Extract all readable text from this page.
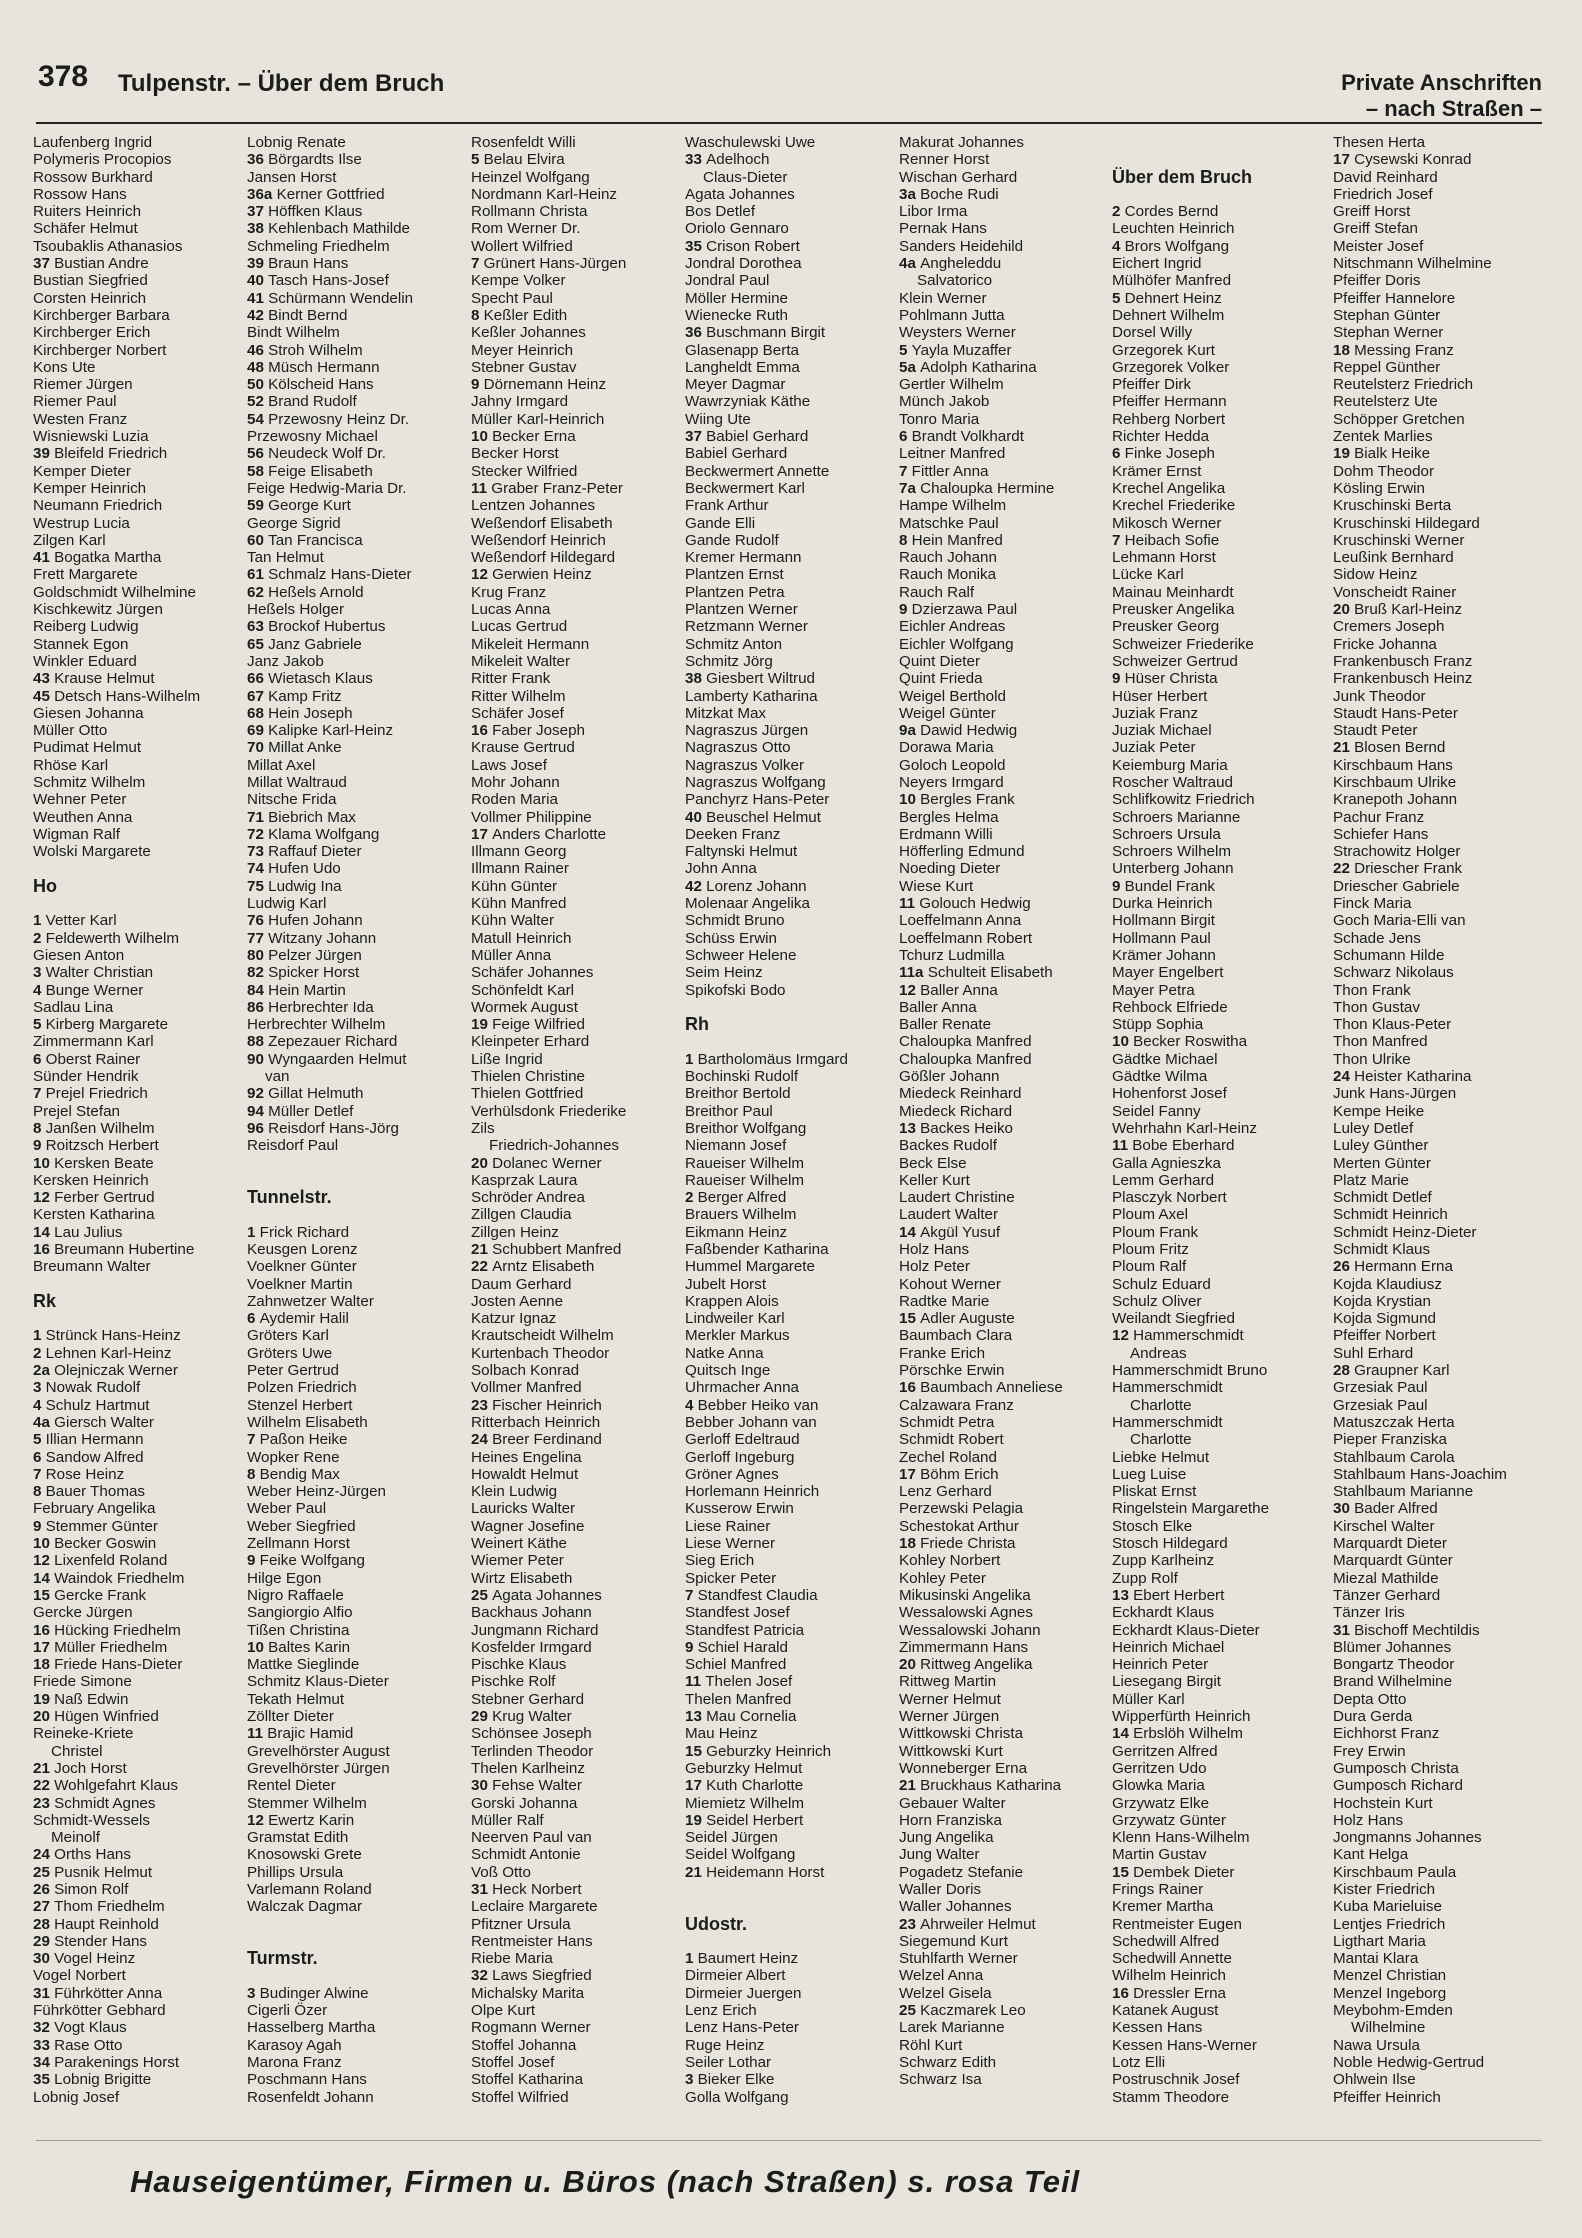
378 Tulpenstr. – Über dem Bruch	Private Anschriften
– nach Straßen –
Laufenberg Ingrid
Polymeris Procopios
Rossow Burkhard
Rossow Hans
Ruiters Heinrich
Schäfer Helmut
Tsoubaklis Athanasios
37 Bustian Andre
Bustian Siegfried
Corsten Heinrich
Kirchberger Barbara
Kirchberger Erich
Kirchberger Norbert
Kons Ute
Riemer Jürgen
Riemer Paul
Westen Franz
Wisniewski Luzia
39 Bleifeld Friedrich
Kemper Dieter
Kemper Heinrich
Neumann Friedrich
Westrup Lucia
Zilgen Karl
41 Bogatka Martha
Frett Margarete
Goldschmidt Wilhelmine
Kischkewitz Jürgen
Reiberg Ludwig
Stannek Egon
Winkler Eduard
43 Krause Helmut
45 Detsch Hans-Wilhelm
Giesen Johanna
Müller Otto
Pudimat Helmut
Rhöse Karl
Schmitz Wilhelm
Wehner Peter
Weuthen Anna
Wigman Ralf
Wolski Margarete
Ho
1 Vetter Karl
2 Feldewerth Wilhelm
Giesen Anton
3 Walter Christian
4 Bunge Werner
Sadlau Lina
5 Kirberg Margarete
Zimmermann Karl
6 Oberst Rainer
Sünder Hendrik
7 Prejel Friedrich
Prejel Stefan
8 Janßen Wilhelm
9 Roitzsch Herbert
10 Kersken Beate
Kersken Heinrich
12 Ferber Gertrud
Kersten Katharina
14 Lau Julius
16 Breumann Hubertine
Breumann Walter
Rk
1 Strünck Hans-Heinz
2 Lehnen Karl-Heinz
2a Olejniczak Werner
3 Nowak Rudolf
4 Schulz Hartmut
4a Giersch Walter
5 Illian Hermann
6 Sandow Alfred
7 Rose Heinz
8 Bauer Thomas
February Angelika
9 Stemmer Günter
10 Becker Goswin
12 Lixenfeld Roland
14 Waindok Friedhelm
15 Gercke Frank
Gercke Jürgen
16 Hücking Friedhelm
17 Müller Friedhelm
18 Friede Hans-Dieter
Friede Simone
19 Naß Edwin
20 Hügen Winfried
Reineke-Kriete
Christel
21 Joch Horst
22 Wohlgefahrt Klaus
23 Schmidt Agnes
Schmidt-Wessels
Meinolf
24 Orths Hans
25 Pusnik Helmut
26 Simon Rolf
27 Thom Friedhelm
28 Haupt Reinhold
29 Stender Hans
30 Vogel Heinz
Vogel Norbert
31 Führkötter Anna
Führkötter Gebhard
32 Vogt Klaus
33 Rase Otto
34 Parakenings Horst
35 Lobnig Brigitte
Lobnig Josef
Lobnig Renate
36 Börgardts Ilse
Jansen Horst
36a Kerner Gottfried
37 Höffken Klaus
38 Kehlenbach Mathilde
Schmeling Friedhelm
39 Braun Hans
40 Tasch Hans-Josef
41 Schürmann Wendelin
42 Bindt Bernd
Bindt Wilhelm
46 Stroh Wilhelm
48 Müsch Hermann
50 Kölscheid Hans
52 Brand Rudolf
54 Przewosny Heinz Dr.
Przewosny Michael
56 Neudeck Wolf Dr.
58 Feige Elisabeth
Feige Hedwig-Maria Dr.
59 George Kurt
George Sigrid
60 Tan Francisca
Tan Helmut
61 Schmalz Hans-Dieter
62 Heßels Arnold
Heßels Holger
63 Brockof Hubertus
65 Janz Gabriele
Janz Jakob
66 Wietasch Klaus
67 Kamp Fritz
68 Hein Joseph
69 Kalipke Karl-Heinz
70 Millat Anke
Millat Axel
Millat Waltraud
Nitsche Frida
71 Biebrich Max
72 Klama Wolfgang
73 Raffauf Dieter
74 Hufen Udo
75 Ludwig Ina
Ludwig Karl
76 Hufen Johann
77 Witzany Johann
80 Pelzer Jürgen
82 Spicker Horst
84 Hein Martin
86 Herbrechter Ida
Herbrechter Wilhelm
88 Zepezauer Richard
90 Wyngaarden Helmut
van
92 Gillat Helmuth
94 Müller Detlef
96 Reisdorf Hans-Jörg
Reisdorf Paul
Tunnelstr.
1 Frick Richard
Keusgen Lorenz
Voelkner Günter
Voelkner Martin
Zahnwetzer Walter
6 Aydemir Halil
Gröters Karl
Gröters Uwe
Peter Gertrud
Polzen Friedrich
Stenzel Herbert
Wilhelm Elisabeth
7 Paßon Heike
Wopker Rene
8 Bendig Max
Weber Heinz-Jürgen
Weber Paul
Weber Siegfried
Zellmann Horst
9 Feike Wolfgang
Hilge Egon
Nigro Raffaele
Sangiorgio Alfio
Tißen Christina
10 Baltes Karin
Mattke Sieglinde
Schmitz Klaus-Dieter
Tekath Helmut
Zöllter Dieter
11 Brajic Hamid
Grevelhörster August
Grevelhörster Jürgen
Rentel Dieter
Stemmer Wilhelm
12 Ewertz Karin
Gramstat Edith
Knosowski Grete
Phillips Ursula
Varlemann Roland
Walczak Dagmar
Turmstr.
3 Budinger Alwine
Cigerli Özer
Hasselberg Martha
Karasoy Agah
Marona Franz
Poschmann Hans
Rosenfeldt Johann
Rosenfeldt Willi
5 Belau Elvira
Heinzel Wolfgang
Nordmann Karl-Heinz
Rollmann Christa
Rom Werner Dr.
Wollert Wilfried
7 Grünert Hans-Jürgen
Kempe Volker
Specht Paul
8 Keßler Edith
Keßler Johannes
Meyer Heinrich
Stebner Gustav
9 Dörnemann Heinz
Jahny Irmgard
Müller Karl-Heinrich
10 Becker Erna
Becker Horst
Stecker Wilfried
11 Graber Franz-Peter
Lentzen Johannes
Weßendorf Elisabeth
Weßendorf Heinrich
Weßendorf Hildegard
12 Gerwien Heinz
Krug Franz
Lucas Anna
Lucas Gertrud
Mikeleit Hermann
Mikeleit Walter
Ritter Frank
Ritter Wilhelm
Schäfer Josef
16 Faber Joseph
Krause Gertrud
Laws Josef
Mohr Johann
Roden Maria
Vollmer Philippine
17 Anders Charlotte
Illmann Georg
Illmann Rainer
Kühn Günter
Kühn Manfred
Kühn Walter
Matull Heinrich
Müller Anna
Schäfer Johannes
Schönfeldt Karl
Wormek August
19 Feige Wilfried
Kleinpeter Erhard
Liße Ingrid
Thielen Christine
Thielen Gottfried
Verhülsdonk Friederike
Zils
Friedrich-Johannes
20 Dolanec Werner
Kasprzak Laura
Schröder Andrea
Zillgen Claudia
Zillgen Heinz
21 Schubbert Manfred
22 Arntz Elisabeth
Daum Gerhard
Josten Aenne
Katzur Ignaz
Krautscheidt Wilhelm
Kurtenbach Theodor
Solbach Konrad
Vollmer Manfred
23 Fischer Heinrich
Ritterbach Heinrich
24 Breer Ferdinand
Heines Engelina
Howaldt Helmut
Klein Ludwig
Lauricks Walter
Wagner Josefine
Weinert Käthe
Wiemer Peter
Wirtz Elisabeth
25 Agata Johannes
Backhaus Johann
Jungmann Richard
Kosfelder Irmgard
Pischke Klaus
Pischke Rolf
Stebner Gerhard
29 Krug Walter
Schönsee Joseph
Terlinden Theodor
Thelen Karlheinz
30 Fehse Walter
Gorski Johanna
Müller Ralf
Neerven Paul van
Schmidt Antonie
Voß Otto
31 Heck Norbert
Leclaire Margarete
Pfitzner Ursula
Rentmeister Hans
Riebe Maria
32 Laws Siegfried
Michalsky Marita
Olpe Kurt
Rogmann Werner
Stoffel Johanna
Stoffel Josef
Stoffel Katharina
Stoffel Wilfried
Waschulewski Uwe
33 Adelhoch
Claus-Dieter
Agata Johannes
Bos Detlef
Oriolo Gennaro
35 Crison Robert
Jondral Dorothea
Jondral Paul
Möller Hermine
Wienecke Ruth
36 Buschmann Birgit
Glasenapp Berta
Langheldt Emma
Meyer Dagmar
Wawrzyniak Käthe
Wiing Ute
37 Babiel Gerhard
Babiel Gerhard
Beckwermert Annette
Beckwermert Karl
Frank Arthur
Gande Elli
Gande Rudolf
Kremer Hermann
Plantzen Ernst
Plantzen Petra
Plantzen Werner
Retzmann Werner
Schmitz Anton
Schmitz Jörg
38 Giesbert Wiltrud
Lamberty Katharina
Mitzkat Max
Nagraszus Jürgen
Nagraszus Otto
Nagraszus Volker
Nagraszus Wolfgang
Panchyrz Hans-Peter
40 Beuschel Helmut
Deeken Franz
Faltynski Helmut
John Anna
42 Lorenz Johann
Molenaar Angelika
Schmidt Bruno
Schüss Erwin
Schweer Helene
Seim Heinz
Spikofski Bodo
Rh
1 Bartholomäus Irmgard
Bochinski Rudolf
Breithor Bertold
Breithor Paul
Breithor Wolfgang
Niemann Josef
Raueiser Wilhelm
Raueiser Wilhelm
2 Berger Alfred
Brauers Wilhelm
Eikmann Heinz
Faßbender Katharina
Hummel Margarete
Jubelt Horst
Krappen Alois
Lindweiler Karl
Merkler Markus
Natke Anna
Quitsch Inge
Uhrmacher Anna
4 Bebber Heiko van
Bebber Johann van
Gerloff Edeltraud
Gerloff Ingeburg
Gröner Agnes
Horlemann Heinrich
Kusserow Erwin
Liese Rainer
Liese Werner
Sieg Erich
Spicker Peter
7 Standfest Claudia
Standfest Josef
Standfest Patricia
9 Schiel Harald
Schiel Manfred
11 Thelen Josef
Thelen Manfred
13 Mau Cornelia
Mau Heinz
15 Geburzky Heinrich
Geburzky Helmut
17 Kuth Charlotte
Miemietz Wilhelm
19 Seidel Herbert
Seidel Jürgen
Seidel Wolfgang
21 Heidemann Horst
Udostr.
1 Baumert Heinz
Dirmeier Albert
Dirmeier Juergen
Lenz Erich
Lenz Hans-Peter
Ruge Heinz
Seiler Lothar
3 Bieker Elke
Golla Wolfgang
Makurat Johannes
Renner Horst
Wischan Gerhard
3a Boche Rudi
Libor Irma
Pernak Hans
Sanders Heidehild
4a Angheleddu
Salvatorico
Klein Werner
Pohlmann Jutta
Weysters Werner
5 Yayla Muzaffer
5a Adolph Katharina
Gertler Wilhelm
Münch Jakob
Tonro Maria
6 Brandt Volkhardt
Leitner Manfred
7 Fittler Anna
7a Chaloupka Hermine
Hampe Wilhelm
Matschke Paul
8 Hein Manfred
Rauch Johann
Rauch Monika
Rauch Ralf
9 Dzierzawa Paul
Eichler Andreas
Eichler Wolfgang
Quint Dieter
Quint Frieda
Weigel Berthold
Weigel Günter
9a Dawid Hedwig
Dorawa Maria
Goloch Leopold
Neyers Irmgard
10 Bergles Frank
Bergles Helma
Erdmann Willi
Höfferling Edmund
Noeding Dieter
Wiese Kurt
11 Golouch Hedwig
Loeffelmann Anna
Loeffelmann Robert
Tchurz Ludmilla
11a Schulteit Elisabeth
12 Baller Anna
Baller Anna
Baller Renate
Chaloupka Manfred
Chaloupka Manfred
Gößler Johann
Miedeck Reinhard
Miedeck Richard
13 Backes Heiko
Backes Rudolf
Beck Else
Keller Kurt
Laudert Christine
Laudert Walter
14 Akgül Yusuf
Holz Hans
Holz Peter
Kohout Werner
Radtke Marie
15 Adler Auguste
Baumbach Clara
Franke Erich
Pörschke Erwin
16 Baumbach Anneliese
Calzawara Franz
Schmidt Petra
Schmidt Robert
Zechel Roland
17 Böhm Erich
Lenz Gerhard
Perzewski Pelagia
Schestokat Arthur
18 Friede Christa
Kohley Norbert
Kohley Peter
Mikusinski Angelika
Wessalowski Agnes
Wessalowski Johann
Zimmermann Hans
20 Rittweg Angelika
Rittweg Martin
Werner Helmut
Werner Jürgen
Wittkowski Christa
Wittkowski Kurt
Wonneberger Erna
21 Bruckhaus Katharina
Gebauer Walter
Horn Franziska
Jung Angelika
Jung Walter
Pogadetz Stefanie
Waller Doris
Waller Johannes
23 Ahrweiler Helmut
Siegemund Kurt
Stuhlfarth Werner
Welzel Anna
Welzel Gisela
25 Kaczmarek Leo
Larek Marianne
Röhl Kurt
Schwarz Edith
Schwarz Isa
Über dem Bruch
2 Cordes Bernd
Leuchten Heinrich
4 Brors Wolfgang
Eichert Ingrid
Mülhöfer Manfred
5 Dehnert Heinz
Dehnert Wilhelm
Dorsel Willy
Grzegorek Kurt
Grzegorek Volker
Pfeiffer Dirk
Pfeiffer Hermann
Rehberg Norbert
Richter Hedda
6 Finke Joseph
Krämer Ernst
Krechel Angelika
Krechel Friederike
Mikosch Werner
7 Heibach Sofie
Lehmann Horst
Lücke Karl
Mainau Meinhardt
Preusker Angelika
Preusker Georg
Schweizer Friederike
Schweizer Gertrud
9 Hüser Christa
Hüser Herbert
Juziak Franz
Juziak Michael
Juziak Peter
Keiemburg Maria
Roscher Waltraud
Schlifkowitz Friedrich
Schroers Marianne
Schroers Ursula
Schroers Wilhelm
Unterberg Johann
9 Bundel Frank
Durka Heinrich
Hollmann Birgit
Hollmann Paul
Krämer Johann
Mayer Engelbert
Mayer Petra
Rehbock Elfriede
Stüpp Sophia
10 Becker Roswitha
Gädtke Michael
Gädtke Wilma
Hohenforst Josef
Seidel Fanny
Wehrhahn Karl-Heinz
11 Bobe Eberhard
Galla Agnieszka
Lemm Gerhard
Plasczyk Norbert
Ploum Axel
Ploum Frank
Ploum Fritz
Ploum Ralf
Schulz Eduard
Schulz Oliver
Weilandt Siegfried
12 Hammerschmidt
Andreas
Hammerschmidt Bruno
Hammerschmidt
Charlotte
Hammerschmidt
Charlotte
Liebke Helmut
Lueg Luise
Pliskat Ernst
Ringelstein Margarethe
Stosch Elke
Stosch Hildegard
Zupp Karlheinz
Zupp Rolf
13 Ebert Herbert
Eckhardt Klaus
Eckhardt Klaus-Dieter
Heinrich Michael
Heinrich Peter
Liesegang Birgit
Müller Karl
Wipperfürth Heinrich
14 Erbslöh Wilhelm
Gerritzen Alfred
Gerritzen Udo
Glowka Maria
Grzywatz Elke
Grzywatz Günter
Klenn Hans-Wilhelm
Martin Gustav
15 Dembek Dieter
Frings Rainer
Kremer Martha
Rentmeister Eugen
Schedwill Alfred
Schedwill Annette
Wilhelm Heinrich
16 Dressler Erna
Katanek August
Kessen Hans
Kessen Hans-Werner
Lotz Elli
Postruschnik Josef
Stamm Theodore
Thesen Herta
17 Cysewski Konrad
David Reinhard
Friedrich Josef
Greiff Horst
Greiff Stefan
Meister Josef
Nitschmann Wilhelmine
Pfeiffer Doris
Pfeiffer Hannelore
Stephan Günter
Stephan Werner
18 Messing Franz
Reppel Günther
Reutelsterz Friedrich
Reutelsterz Ute
Schöpper Gretchen
Zentek Marlies
19 Bialk Heike
Dohm Theodor
Kösling Erwin
Kruschinski Berta
Kruschinski Hildegard
Kruschinski Werner
Leußink Bernhard
Sidow Heinz
Vonscheidt Rainer
20 Bruß Karl-Heinz
Cremers Joseph
Fricke Johanna
Frankenbusch Franz
Frankenbusch Heinz
Junk Theodor
Staudt Hans-Peter
Staudt Peter
21 Blosen Bernd
Kirschbaum Hans
Kirschbaum Ulrike
Kranepoth Johann
Pachur Franz
Schiefer Hans
Strachowitz Holger
22 Driescher Frank
Driescher Gabriele
Finck Maria
Goch Maria-Elli van
Schade Jens
Schumann Hilde
Schwarz Nikolaus
Thon Frank
Thon Gustav
Thon Klaus-Peter
Thon Manfred
Thon Ulrike
24 Heister Katharina
Junk Hans-Jürgen
Kempe Heike
Luley Detlef
Luley Günther
Merten Günter
Platz Marie
Schmidt Detlef
Schmidt Heinrich
Schmidt Heinz-Dieter
Schmidt Klaus
26 Hermann Erna
Kojda Klaudiusz
Kojda Krystian
Kojda Sigmund
Pfeiffer Norbert
Suhl Erhard
28 Graupner Karl
Grzesiak Paul
Grzesiak Paul
Matuszczak Herta
Pieper Franziska
Stahlbaum Carola
Stahlbaum Hans-Joachim
Stahlbaum Marianne
30 Bader Alfred
Kirschel Walter
Marquardt Dieter
Marquardt Günter
Miezal Mathilde
Tänzer Gerhard
Tänzer Iris
31 Bischoff Mechtildis
Blümer Johannes
Bongartz Theodor
Brand Wilhelmine
Depta Otto
Dura Gerda
Eichhorst Franz
Frey Erwin
Gumposch Christa
Gumposch Richard
Hochstein Kurt
Holz Hans
Jongmanns Johannes
Kant Helga
Kirschbaum Paula
Kister Friedrich
Kuba Marieluise
Lentjes Friedrich
Ligthart Maria
Mantai Klara
Menzel Christian
Menzel Ingeborg
Meybohm-Emden
Wilhelmine
Nawa Ursula
Noble Hedwig-Gertrud
Ohlwein Ilse
Pfeiffer Heinrich
Hauseigentümer, Firmen u. Büros (nach Straßen) s. rosa Teil
